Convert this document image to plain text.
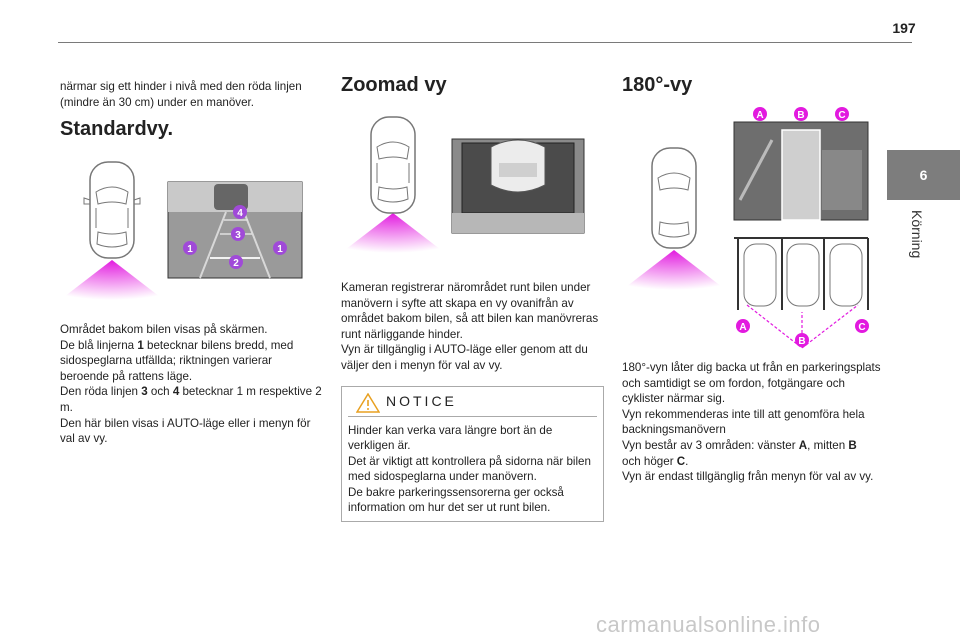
197
6
Körning

närmar sig ett hinder i nivå med den röda linjen (mindre än 30 cm) under en manöver.

Standardvy.
1
2
3
4
1

Området bakom bilen visas på skärmen.

De blå linjerna 1 betecknar bilens bredd, med sidospeglarna utfällda; riktningen varierar beroende på rattens läge.

Den röda linjen 3 och 4 betecknar 1 m respektive 2 m.

Den här bilen visas i AUTO-läge eller i menyn för val av vy.

Zoomad vy

Kameran registrerar närområdet runt bilen under manövern i syfte att skapa en vy ovanifrån av området bakom bilen, så att bilen kan manövreras runt närliggande hinder.

Vyn är tillgänglig i AUTO-läge eller genom att du väljer den i menyn för val av vy.

NOTICE

Hinder kan verka vara längre bort än de verkligen är.

Det är viktigt att kontrollera på sidorna när bilen med sidospeglarna under manövern.

De bakre parkeringssensorerna ger också information om hur det ser ut runt bilen.

180°-vy
A	B	C
A
B
C

180°-vyn låter dig backa ut från en parkeringsplats och samtidigt se om fordon, fotgängare och cyklister närmar sig.

Vyn rekommenderas inte till att genomföra hela backningsmanövern

Vyn består av 3 områden: vänster A, mitten B
och höger C.

Vyn är endast tillgänglig från menyn för val av vy.

carmanualsonline.info
